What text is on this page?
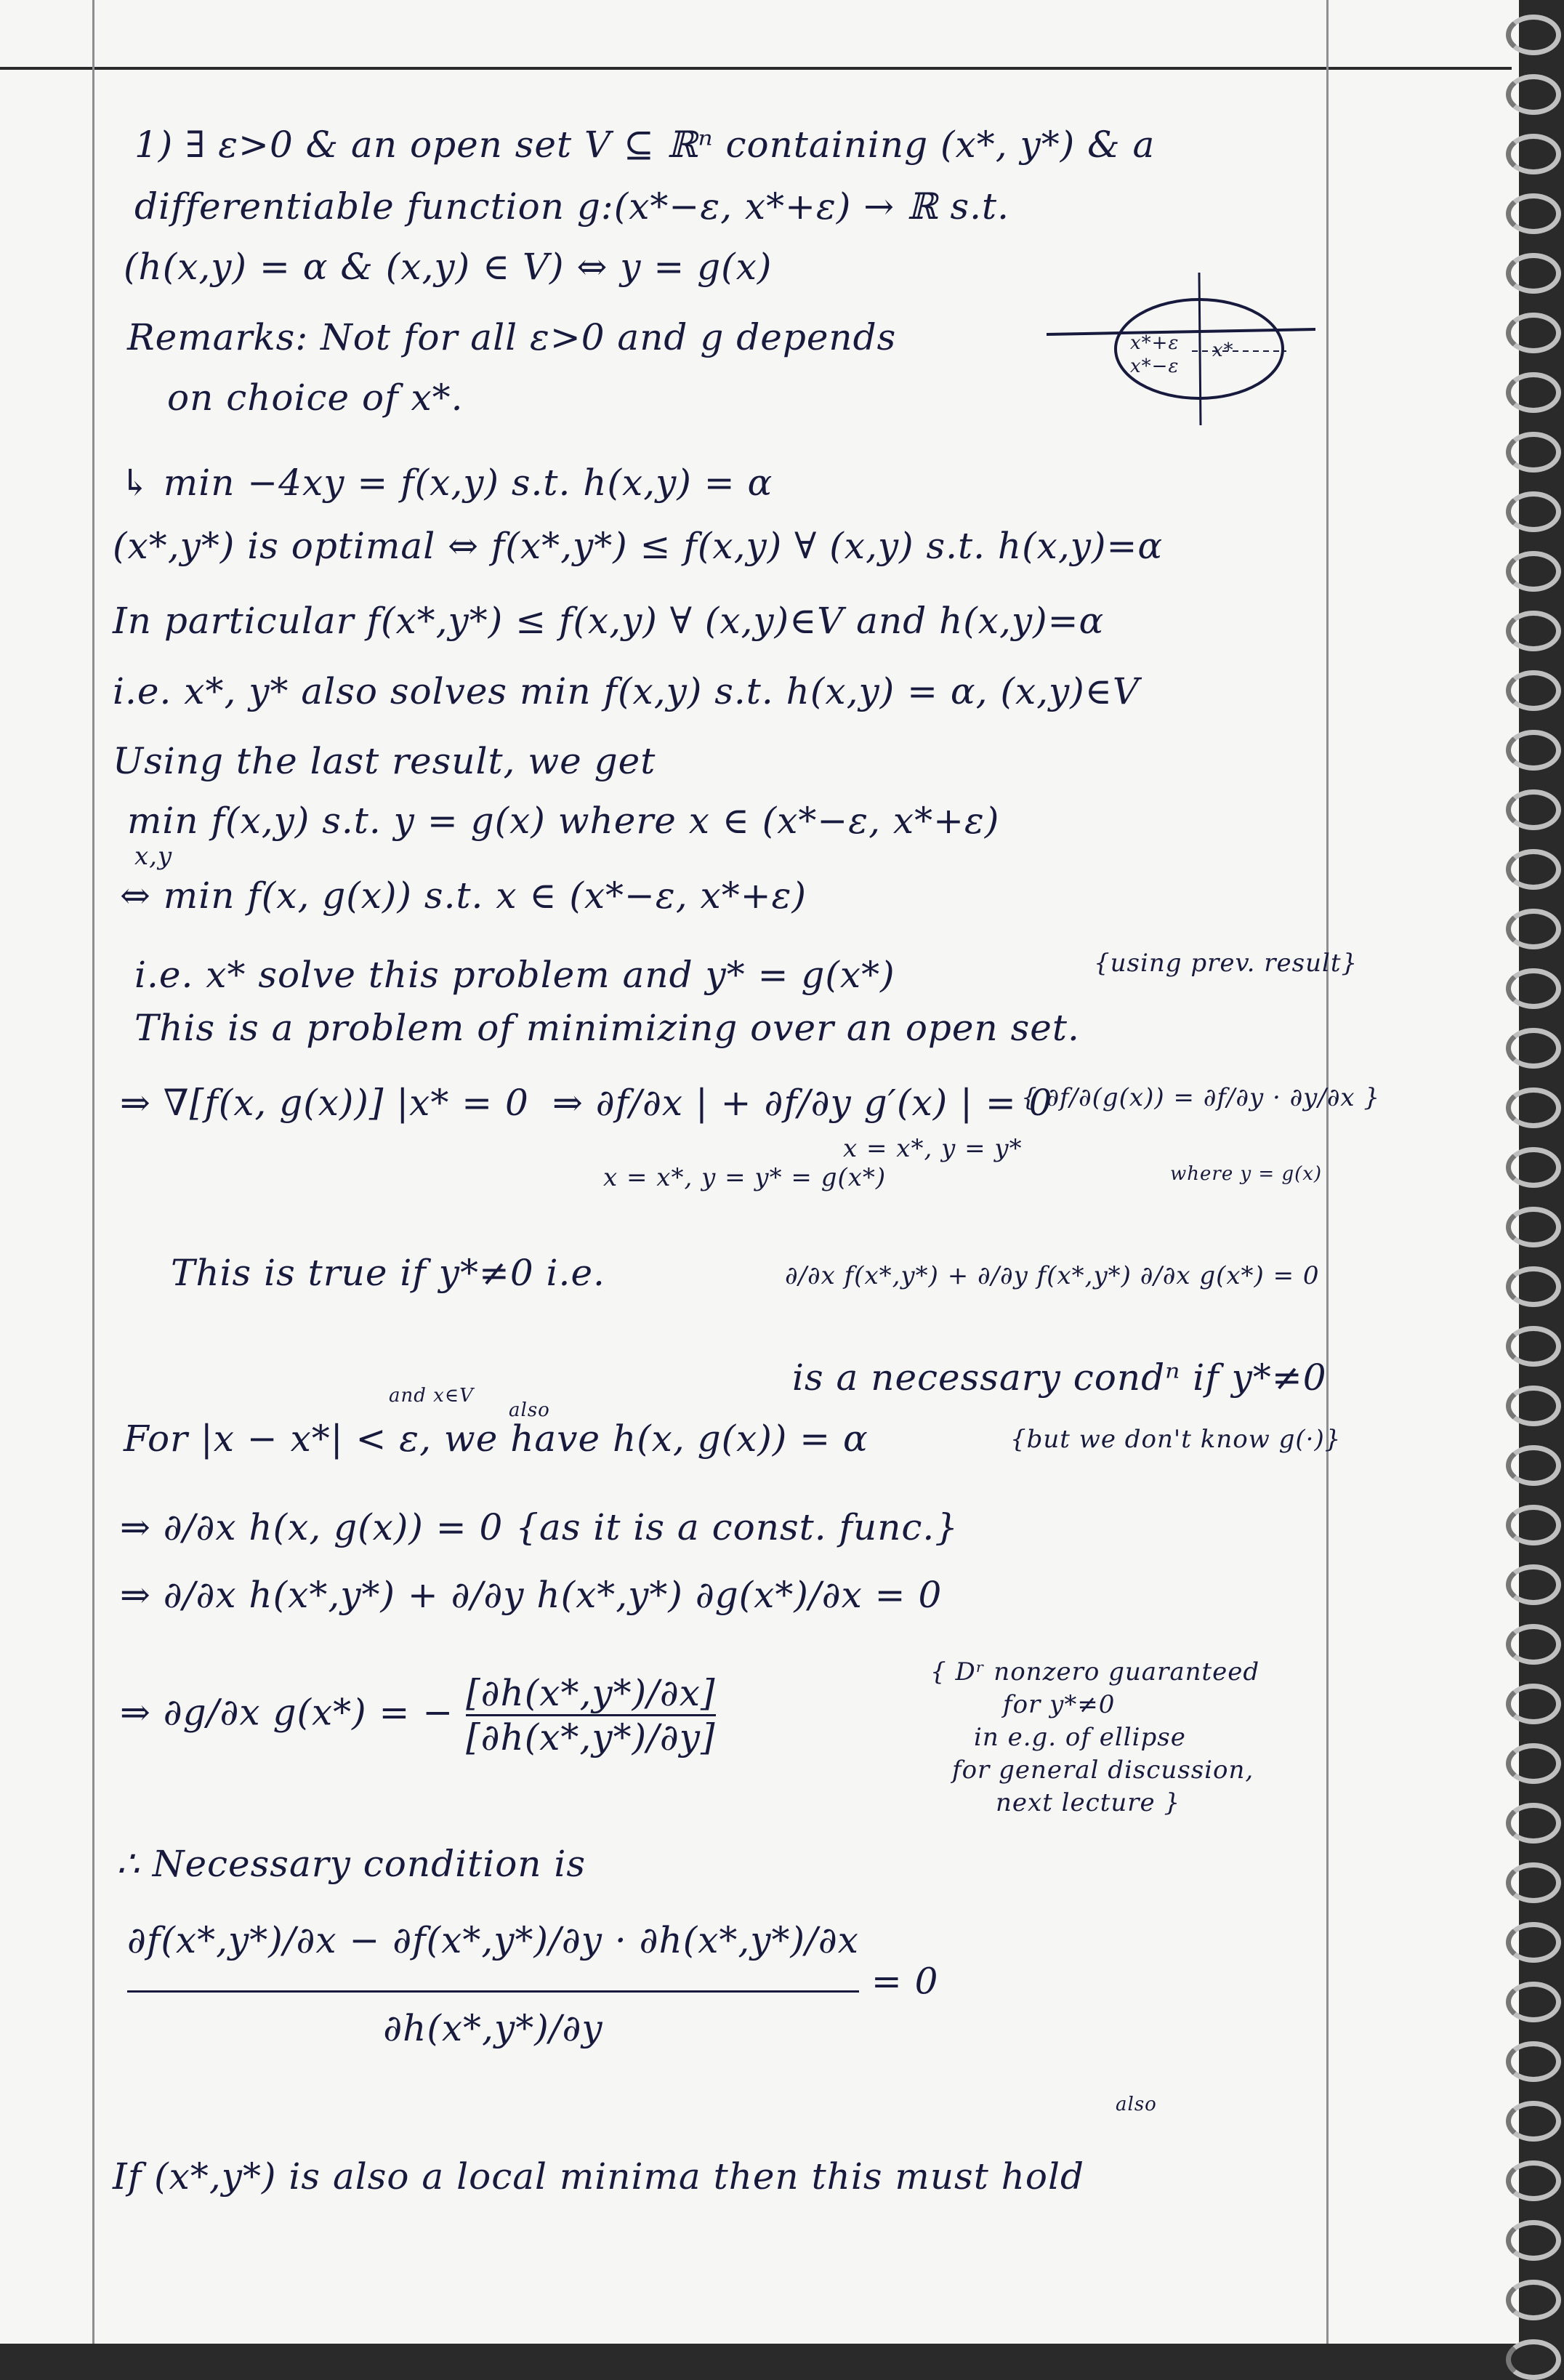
1) ∃ ε>0 & an open set V ⊆ ℝⁿ containing (x*, y*) & a
differentiable function g:(x*−ε, x*+ε) → ℝ s.t.
(h(x,y) = α & (x,y) ∈ V) ⇔ y = g(x)
Remarks: Not for all ε>0 and g depends
on choice of x*.
x*+ε
x*−ε
x*
↳ min −4xy = f(x,y) s.t. h(x,y) = α
(x*,y*) is optimal ⇔ f(x*,y*) ≤ f(x,y) ∀ (x,y) s.t. h(x,y)=α
In particular f(x*,y*) ≤ f(x,y) ∀ (x,y)∈V and h(x,y)=α
i.e. x*, y* also solves min f(x,y) s.t. h(x,y) = α, (x,y)∈V
Using the last result, we get
min f(x,y) s.t. y = g(x) where x ∈ (x*−ε, x*+ε)
x,y
⇔ min f(x, g(x)) s.t. x ∈ (x*−ε, x*+ε)
i.e. x* solve this problem and y* = g(x*)	{using prev. result}
This is a problem of minimizing over an open set.
⇒ ∇[f(x, g(x))] |x* = 0 ⇒ ∂f/∂x | + ∂f/∂y g′(x) | = 0
x = x*, y = y* = g(x*)
x = x*, y = y*
{ ∂f/∂(g(x)) = ∂f/∂y · ∂y/∂x }
where y = g(x)
This is true if y*≠0 i.e.	∂/∂x f(x*,y*) + ∂/∂y f(x*,y*) ∂/∂x g(x*) = 0
is a necessary condⁿ if y*≠0
and x∈V
also
For |x − x*| < ε, we have h(x, g(x)) = α	{but we don't know g(·)}
⇒ ∂/∂x h(x, g(x)) = 0 {as it is a const. func.}
⇒ ∂/∂x h(x*,y*) + ∂/∂y h(x*,y*) ∂g(x*)/∂x = 0
⇒ ∂g/∂x g(x*) = − $\frac{[\partial h(x*,y*)/\partial x]}{[\partial h(x*,y*)/\partial y]}$	{ Dʳ nonzero guaranteed
for y*≠0
in e.g. of ellipse
for general discussion,
next lecture }
∴ Necessary condition is
$\frac{\partial f(x*,y*)/\partial x - \partial f(x*,y*)/\partial y \cdot \partial h(x*,y*)/\partial x}{\partial h(x*,y*)/\partial y} = 0$
also
If (x*,y*) is also a local minima then this must hold
